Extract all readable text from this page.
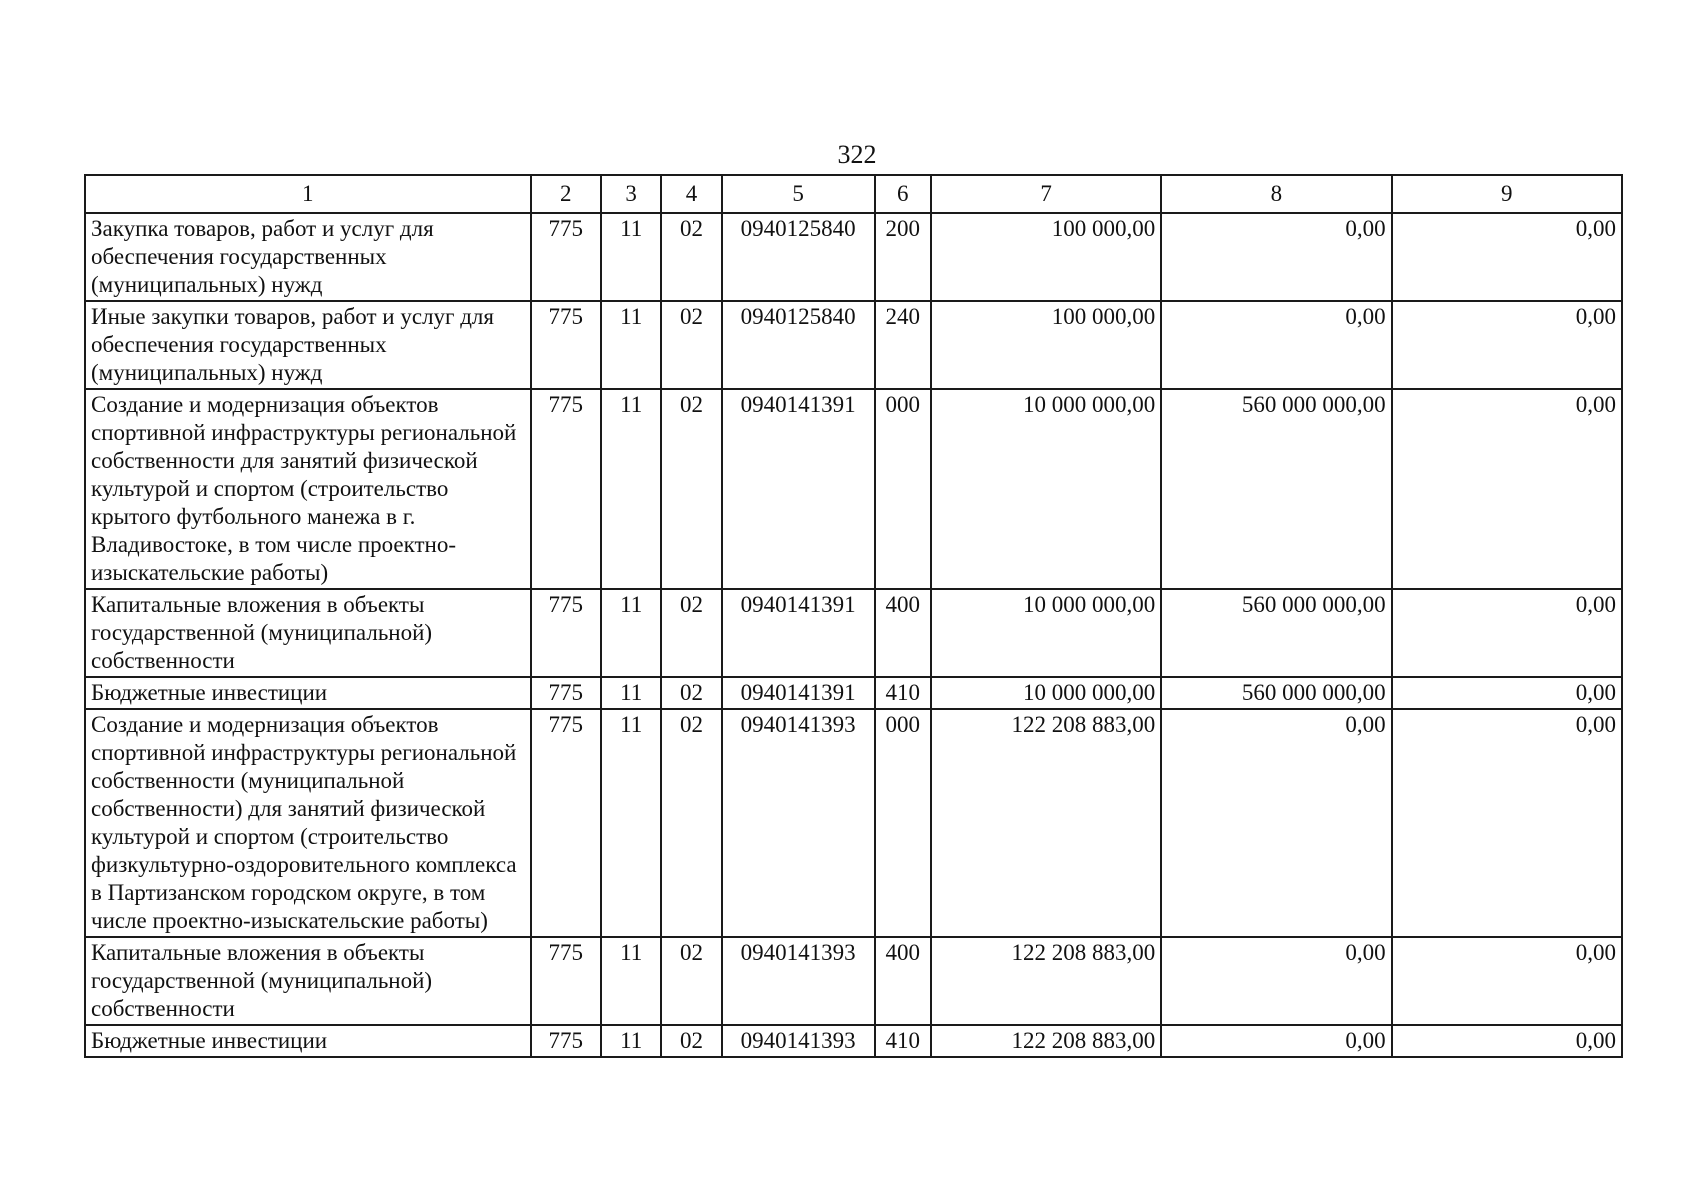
322
1	2	3	4	5	6	7	8	9
Закупка товаров, работ и услуг для обеспечения государственных (муниципальных) нужд	775	11	02	0940125840	200	100 000,00	0,00	0,00
Иные закупки товаров, работ и услуг для обеспечения государственных (муниципальных) нужд	775	11	02	0940125840	240	100 000,00	0,00	0,00
Создание и модернизация объектов спортивной инфраструктуры региональной собственности для занятий физической культурой и спортом (строительство крытого футбольного манежа в г. Владивостоке, в том числе проектно-изыскательские работы)	775	11	02	0940141391	000	10 000 000,00	560 000 000,00	0,00
Капитальные вложения в объекты государственной (муниципальной) собственности	775	11	02	0940141391	400	10 000 000,00	560 000 000,00	0,00
Бюджетные инвестиции	775	11	02	0940141391	410	10 000 000,00	560 000 000,00	0,00
Создание и модернизация объектов спортивной инфраструктуры региональной собственности (муниципальной собственности) для занятий физической культурой и спортом (строительство физкультурно-оздоровительного комплекса в Партизанском городском округе, в том числе проектно-изыскательские работы)	775	11	02	0940141393	000	122 208 883,00	0,00	0,00
Капитальные вложения в объекты государственной (муниципальной) собственности	775	11	02	0940141393	400	122 208 883,00	0,00	0,00
Бюджетные инвестиции	775	11	02	0940141393	410	122 208 883,00	0,00	0,00
